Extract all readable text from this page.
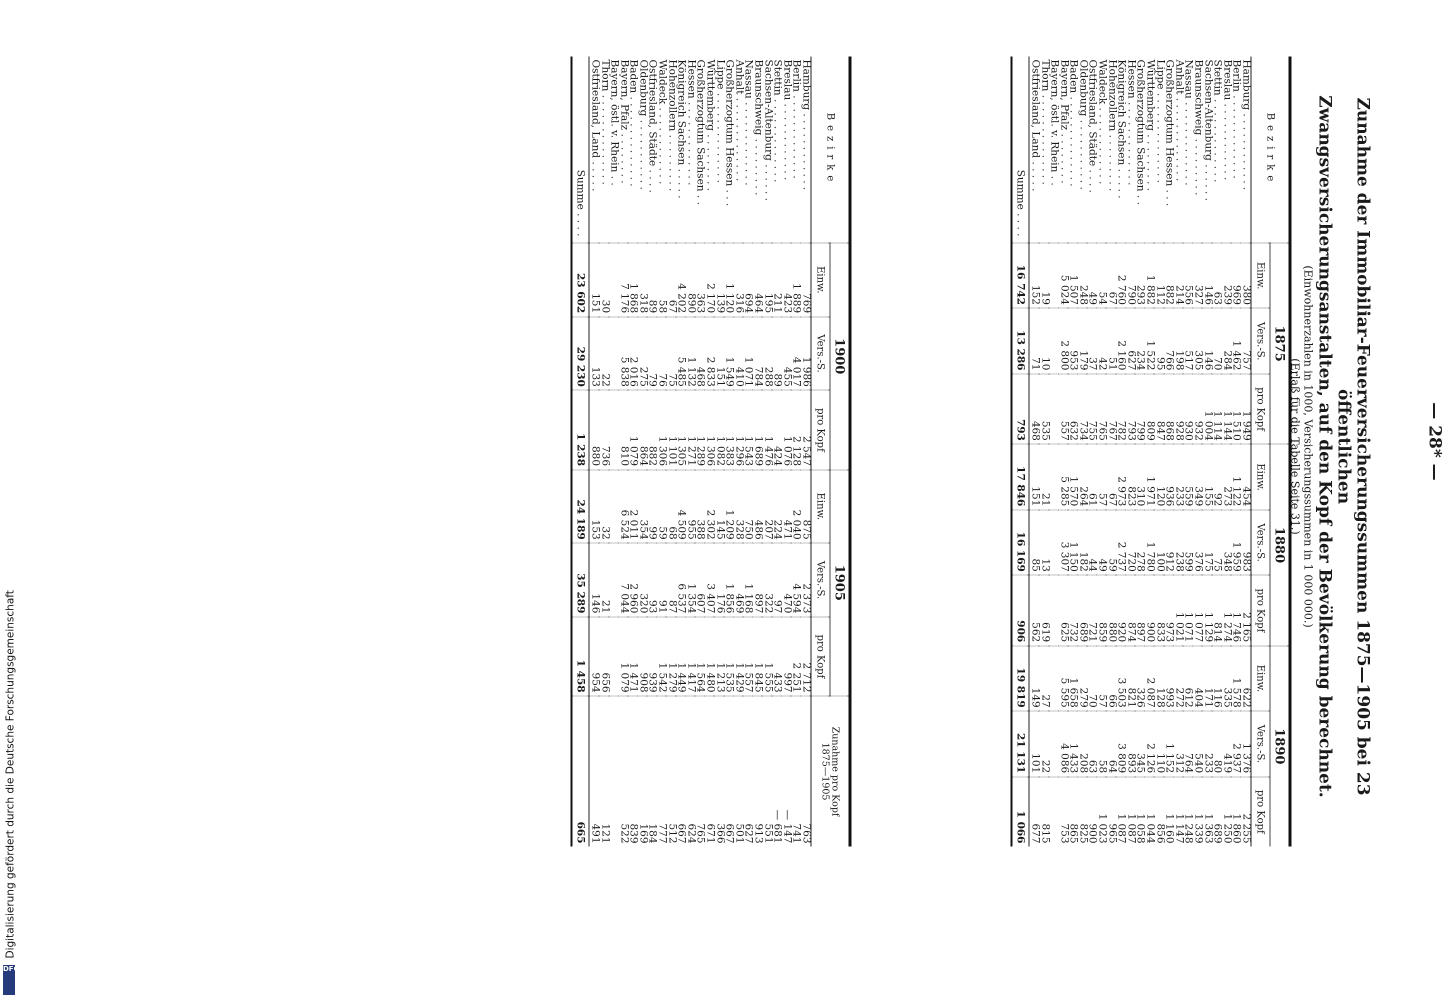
— 28* —
Zunahme der Immobiliar-Feuerversicherungssummen 1875—1905 bei 23 öffentlichen
Zwangsversicherungsanstalten, auf den Kopf der Bevölkerung berechnet.
(Einwohnerzahlen in 1000, Versicherungssummen in 1 000 000.)
(Erlaß für die Tabelle Seite 31.)
Bezirke	1875			1880			1890		
	Einw.	Vers.-S.	pro Kopf	Einw.	Vers.-S.	pro Kopf	Einw.	Vers.-S.	pro Kopf
Hamburg . . . . . . . . . . . .	380	757	1 949	454	983	2 165	622	1 376	2 255
Berlin . . . . . . . . . . . . .	969	1 462	1 510	1 122	1 959	1 746	1 578	2 937	1 860
Breslau . . . . . . . . . . . .	239	284	1 144	273	348	1 274	335	419	1 250
Stettin . . . . . . . . . . . . .	63	70	1 114	92	75	814	116	80	689
Sachsen-Altenburg . . . . . .	146	146	1 004	155	175	1 129	171	233	1 363
Braunschweig . . . . . . . . .	327	305	932	349	376	1 077	404	540	1 339
Nassau . . . . . . . . . . . . .	556	517	930	559	599	1 071	612	764	1 248
Anhalt . . . . . . . . . . . . .	214	198	928	233	238	1 021	272	312	1 147
Großherzogtum Hessen . . .	882	766	868	936	912	973	993	1 152	1 160
Lippe . . . . . . . . . . . . . .	112	95	847	120	100	833	128	110	856
Württemberg . . . . . . . . .	1 882	1 522	809	1 971	1 780	900	2 087	2 126	1 044
Großherzogtum Sachsen . .	293	234	799	310	278	897	326	345	1 058
Hessen . . . . . . . . . . . . .	790	627	793	823	720	874	821	893	1 087
Königreich Sachsen . . . . .	2 760	2 160	782	2 973	2 737	920	3 503	3 809	1 087
Hohenzollern . . . . . . . . .	67	51	767	67	59	880	66	64	965
Waldeck . . . . . . . . . . . .	54	42	765	57	49	859	57	58	1 023
Ostfriesland, Städte . . . .	49	37	755	61	44	721	70	63	900
Oldenburg . . . . . . . . . . .	248	179	734	264	182	689	279	208	825
Baden . . . . . . . . . . . . . .	1 507	953	632	1 570	1 150	732	1 658	1 433	865
Bayern, Pfalz . . . . . . . .	5 024	2 800	557	5 285	3 307	625	5 595	4 086	753
Bayern, östl. v. Rhein . .									
Thorn . . . . . . . . . . . . . .	19	10	535	21	13	619	27	22	815
Ostfriesland, Land . . . . .	152	71	468	151	85	562	149	101	677
Summe . . . .	16 742	13 286	793	17 846	16 169	906	19 819	21 131	1 066
Bezirke	1900			1905			Zunahme pro Kopf
1875—1905
	Einw.	Vers.-S.	pro Kopf	Einw.	Vers.-S.	pro Kopf	
Hamburg . . . . . . . . . . . .	769	1 986	2 547	875	2 373	2 712	763
Berlin . . . . . . . . . . . . .	1 889	4 017	2 128	2 040	4 594	2 251	741
Breslau . . . . . . . . . . . .	423	455	1 076	471	470	997	— 147
Stettin . . . . . . . . . . . . .	211	89	424	224	97	433	— 681
Sachsen-Altenburg . . . . . .	195	288	1 476	207	322	1 555	551
Braunschweig . . . . . . . . .	464	784	1 689	486	897	1 845	913
Nassau . . . . . . . . . . . . .	694	1 071	1 543	750	1 168	1 557	627
Anhalt . . . . . . . . . . . . .	316	410	1 296	328	469	1 429	501
Großherzogtum Hessen . . .	1 120	1 549	1 383	1 209	1 856	1 535	667
Lippe . . . . . . . . . . . . . .	139	151	1 082	145	176	1 213	366
Württemberg . . . . . . . . .	2 170	2 833	1 306	2 302	3 407	1 480	671
Großherzogtum Sachsen . .	363	468	1 289	388	607	1 564	765
Hessen . . . . . . . . . . . . .	890	1 132	1 271	955	1 354	1 417	624
Königreich Sachsen . . . . .	4 202	5 485	1 305	4 509	6 537	1 449	667
Hohenzollern . . . . . . . . .	67	75	1 101	68	87	1 279	512
Waldeck . . . . . . . . . . . .	58	76	1 306	59	91	1 542	777
Ostfriesland, Städte . . . .	89	79	882	99	93	939	184
Oldenburg . . . . . . . . . . .	318	275	864	354	320	908	169
Baden . . . . . . . . . . . . . .	1 868	2 016	1 079	2 011	2 960	1 471	839
Bayern, Pfalz . . . . . . . .	7 176	5 838	810	6 524	7 044	1 079	522
Bayern, östl. v. Rhein . .							
Thorn . . . . . . . . . . . . . .	30	22	736	32	21	656	121
Ostfriesland, Land . . . . .	151	133	880	153	146	954	491
Summe . . . .	23 602	29 230	1 238	24 189	35 289	1 458	665
Digitalisierung gefördert durch die Deutsche Forschungsgemeinschaft
DFG
